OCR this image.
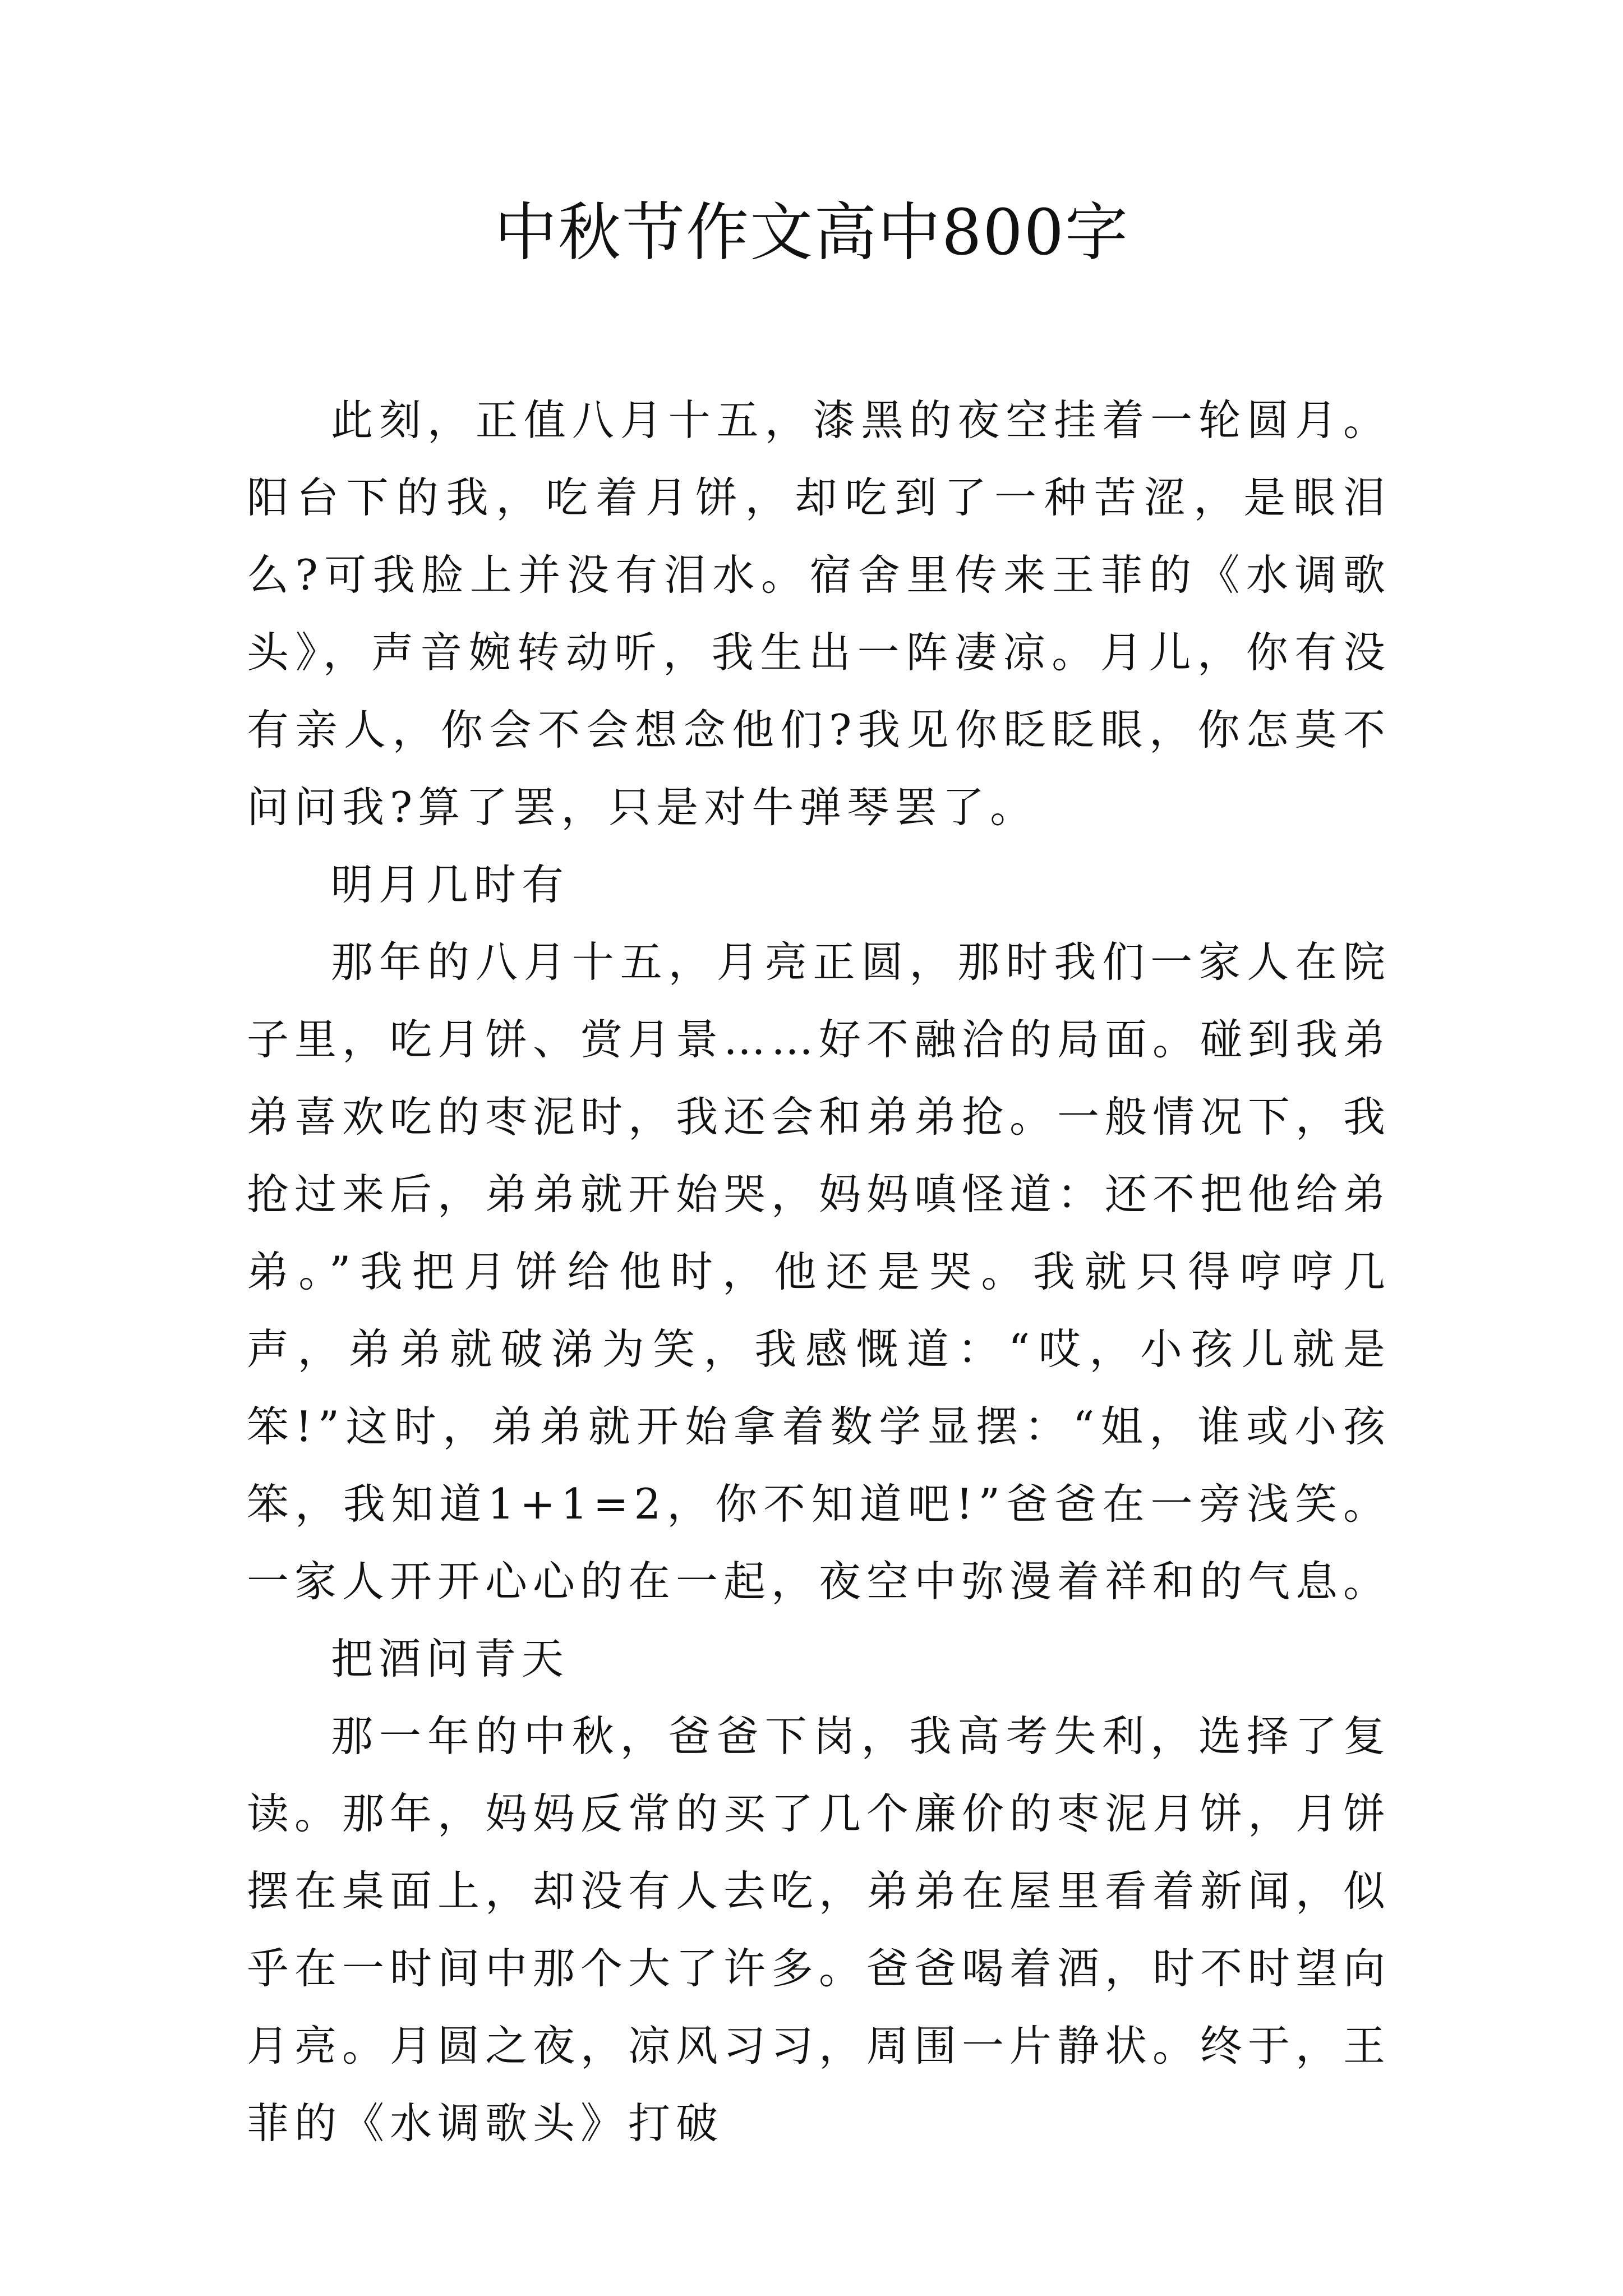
中秋节作文高中800字

此刻，正值八月十五，漆黑的夜空挂着一轮圆月。阳台下的我，吃着月饼，却吃到了一种苦涩，是眼泪么?可我脸上并没有泪水。宿舍里传来王菲的《水调歌头》，声音婉转动听，我生出一阵凄凉。月儿，你有没有亲人，你会不会想念他们?我见你眨眨眼，你怎莫不问问我?算了罢，只是对牛弹琴罢了。

明月几时有

那年的八月十五，月亮正圆，那时我们一家人在院子里，吃月饼、赏月景……好不融洽的局面。碰到我弟弟喜欢吃的枣泥时，我还会和弟弟抢。一般情况下，我抢过来后，弟弟就开始哭，妈妈嗔怪道：还不把他给弟弟。”我把月饼给他时，他还是哭。我就只得哼哼几声，弟弟就破涕为笑，我感慨道：“哎，小孩儿就是笨!”这时，弟弟就开始拿着数学显摆：“姐，谁或小孩笨，我知道1+1=2，你不知道吧!”爸爸在一旁浅笑。一家人开开心心的在一起，夜空中弥漫着祥和的气息。

把酒问青天

那一年的中秋，爸爸下岗，我高考失利，选择了复读。那年，妈妈反常的买了几个廉价的枣泥月饼，月饼摆在桌面上，却没有人去吃，弟弟在屋里看着新闻，似乎在一时间中那个大了许多。爸爸喝着酒，时不时望向月亮。月圆之夜，凉风习习，周围一片静状。终于，王菲的《水调歌头》打破
